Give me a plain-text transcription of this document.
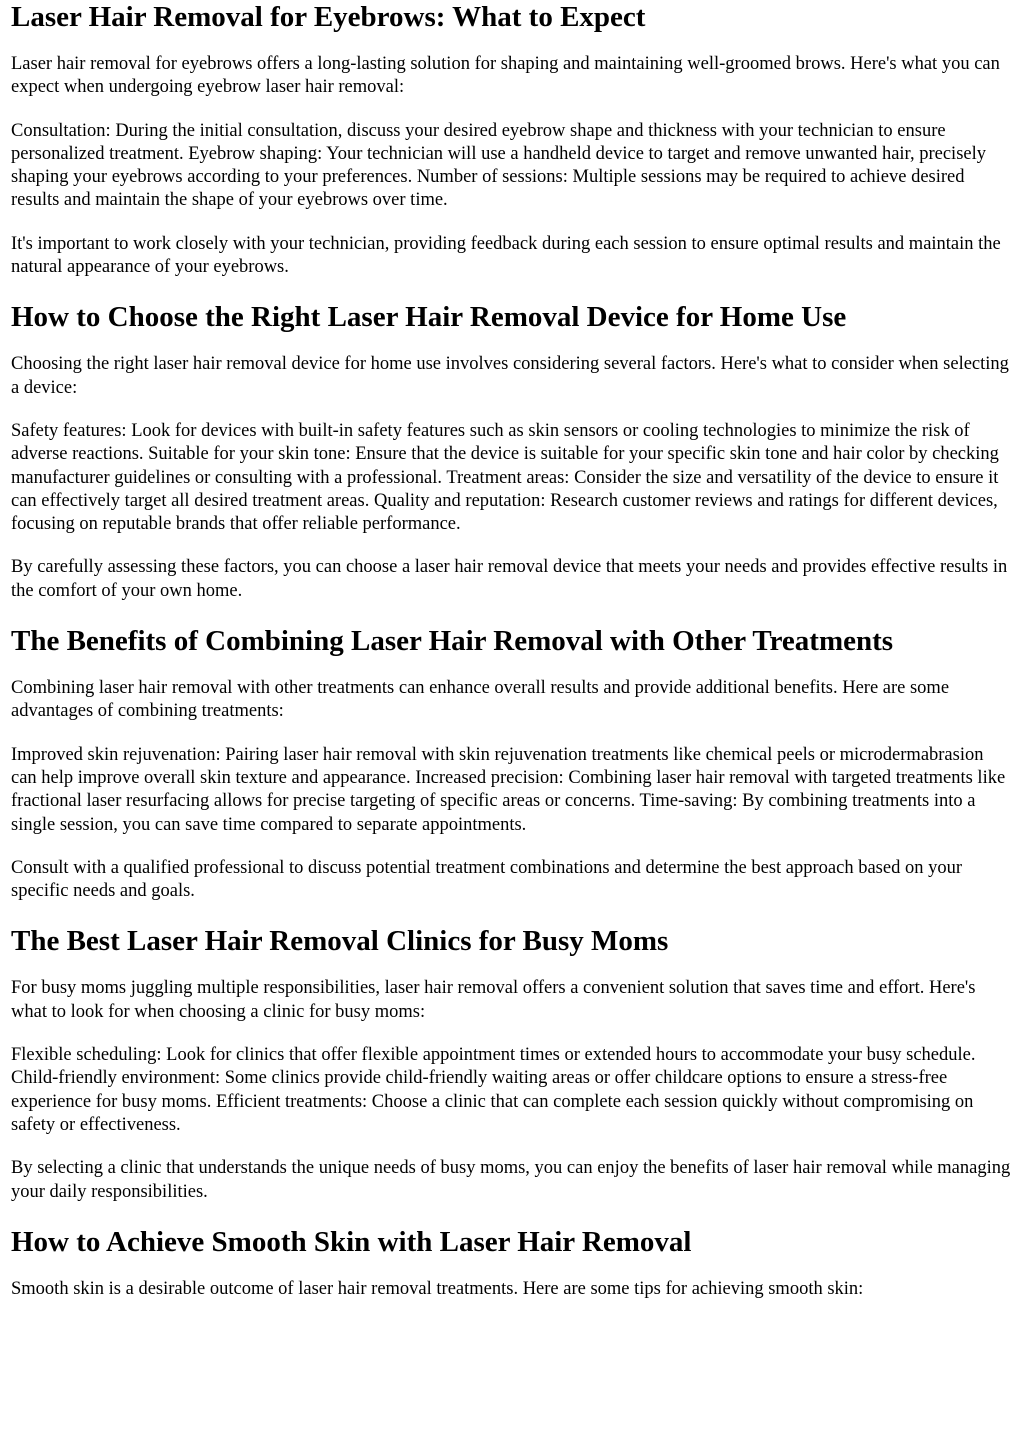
Laser Hair Removal for Eyebrows: What to Expect

Laser hair removal for eyebrows offers a long-lasting solution for shaping and maintaining well-groomed brows. Here's what you can expect when undergoing eyebrow laser hair removal:

Consultation: During the initial consultation, discuss your desired eyebrow shape and thickness with your technician to ensure personalized treatment. Eyebrow shaping: Your technician will use a handheld device to target and remove unwanted hair, precisely shaping your eyebrows according to your preferences. Number of sessions: Multiple sessions may be required to achieve desired results and maintain the shape of your eyebrows over time.

It's important to work closely with your technician, providing feedback during each session to ensure optimal results and maintain the natural appearance of your eyebrows.

How to Choose the Right Laser Hair Removal Device for Home Use

Choosing the right laser hair removal device for home use involves considering several factors. Here's what to consider when selecting a device:

Safety features: Look for devices with built-in safety features such as skin sensors or cooling technologies to minimize the risk of adverse reactions. Suitable for your skin tone: Ensure that the device is suitable for your specific skin tone and hair color by checking manufacturer guidelines or consulting with a professional. Treatment areas: Consider the size and versatility of the device to ensure it can effectively target all desired treatment areas. Quality and reputation: Research customer reviews and ratings for different devices, focusing on reputable brands that offer reliable performance.

By carefully assessing these factors, you can choose a laser hair removal device that meets your needs and provides effective results in the comfort of your own home.

The Benefits of Combining Laser Hair Removal with Other Treatments

Combining laser hair removal with other treatments can enhance overall results and provide additional benefits. Here are some advantages of combining treatments:

Improved skin rejuvenation: Pairing laser hair removal with skin rejuvenation treatments like chemical peels or microdermabrasion can help improve overall skin texture and appearance. Increased precision: Combining laser hair removal with targeted treatments like fractional laser resurfacing allows for precise targeting of specific areas or concerns. Time-saving: By combining treatments into a single session, you can save time compared to separate appointments.

Consult with a qualified professional to discuss potential treatment combinations and determine the best approach based on your specific needs and goals.

The Best Laser Hair Removal Clinics for Busy Moms

For busy moms juggling multiple responsibilities, laser hair removal offers a convenient solution that saves time and effort. Here's what to look for when choosing a clinic for busy moms:

Flexible scheduling: Look for clinics that offer flexible appointment times or extended hours to accommodate your busy schedule. Child-friendly environment: Some clinics provide child-friendly waiting areas or offer childcare options to ensure a stress-free experience for busy moms. Efficient treatments: Choose a clinic that can complete each session quickly without compromising on safety or effectiveness.

By selecting a clinic that understands the unique needs of busy moms, you can enjoy the benefits of laser hair removal while managing your daily responsibilities.

How to Achieve Smooth Skin with Laser Hair Removal

Smooth skin is a desirable outcome of laser hair removal treatments. Here are some tips for achieving smooth skin:
